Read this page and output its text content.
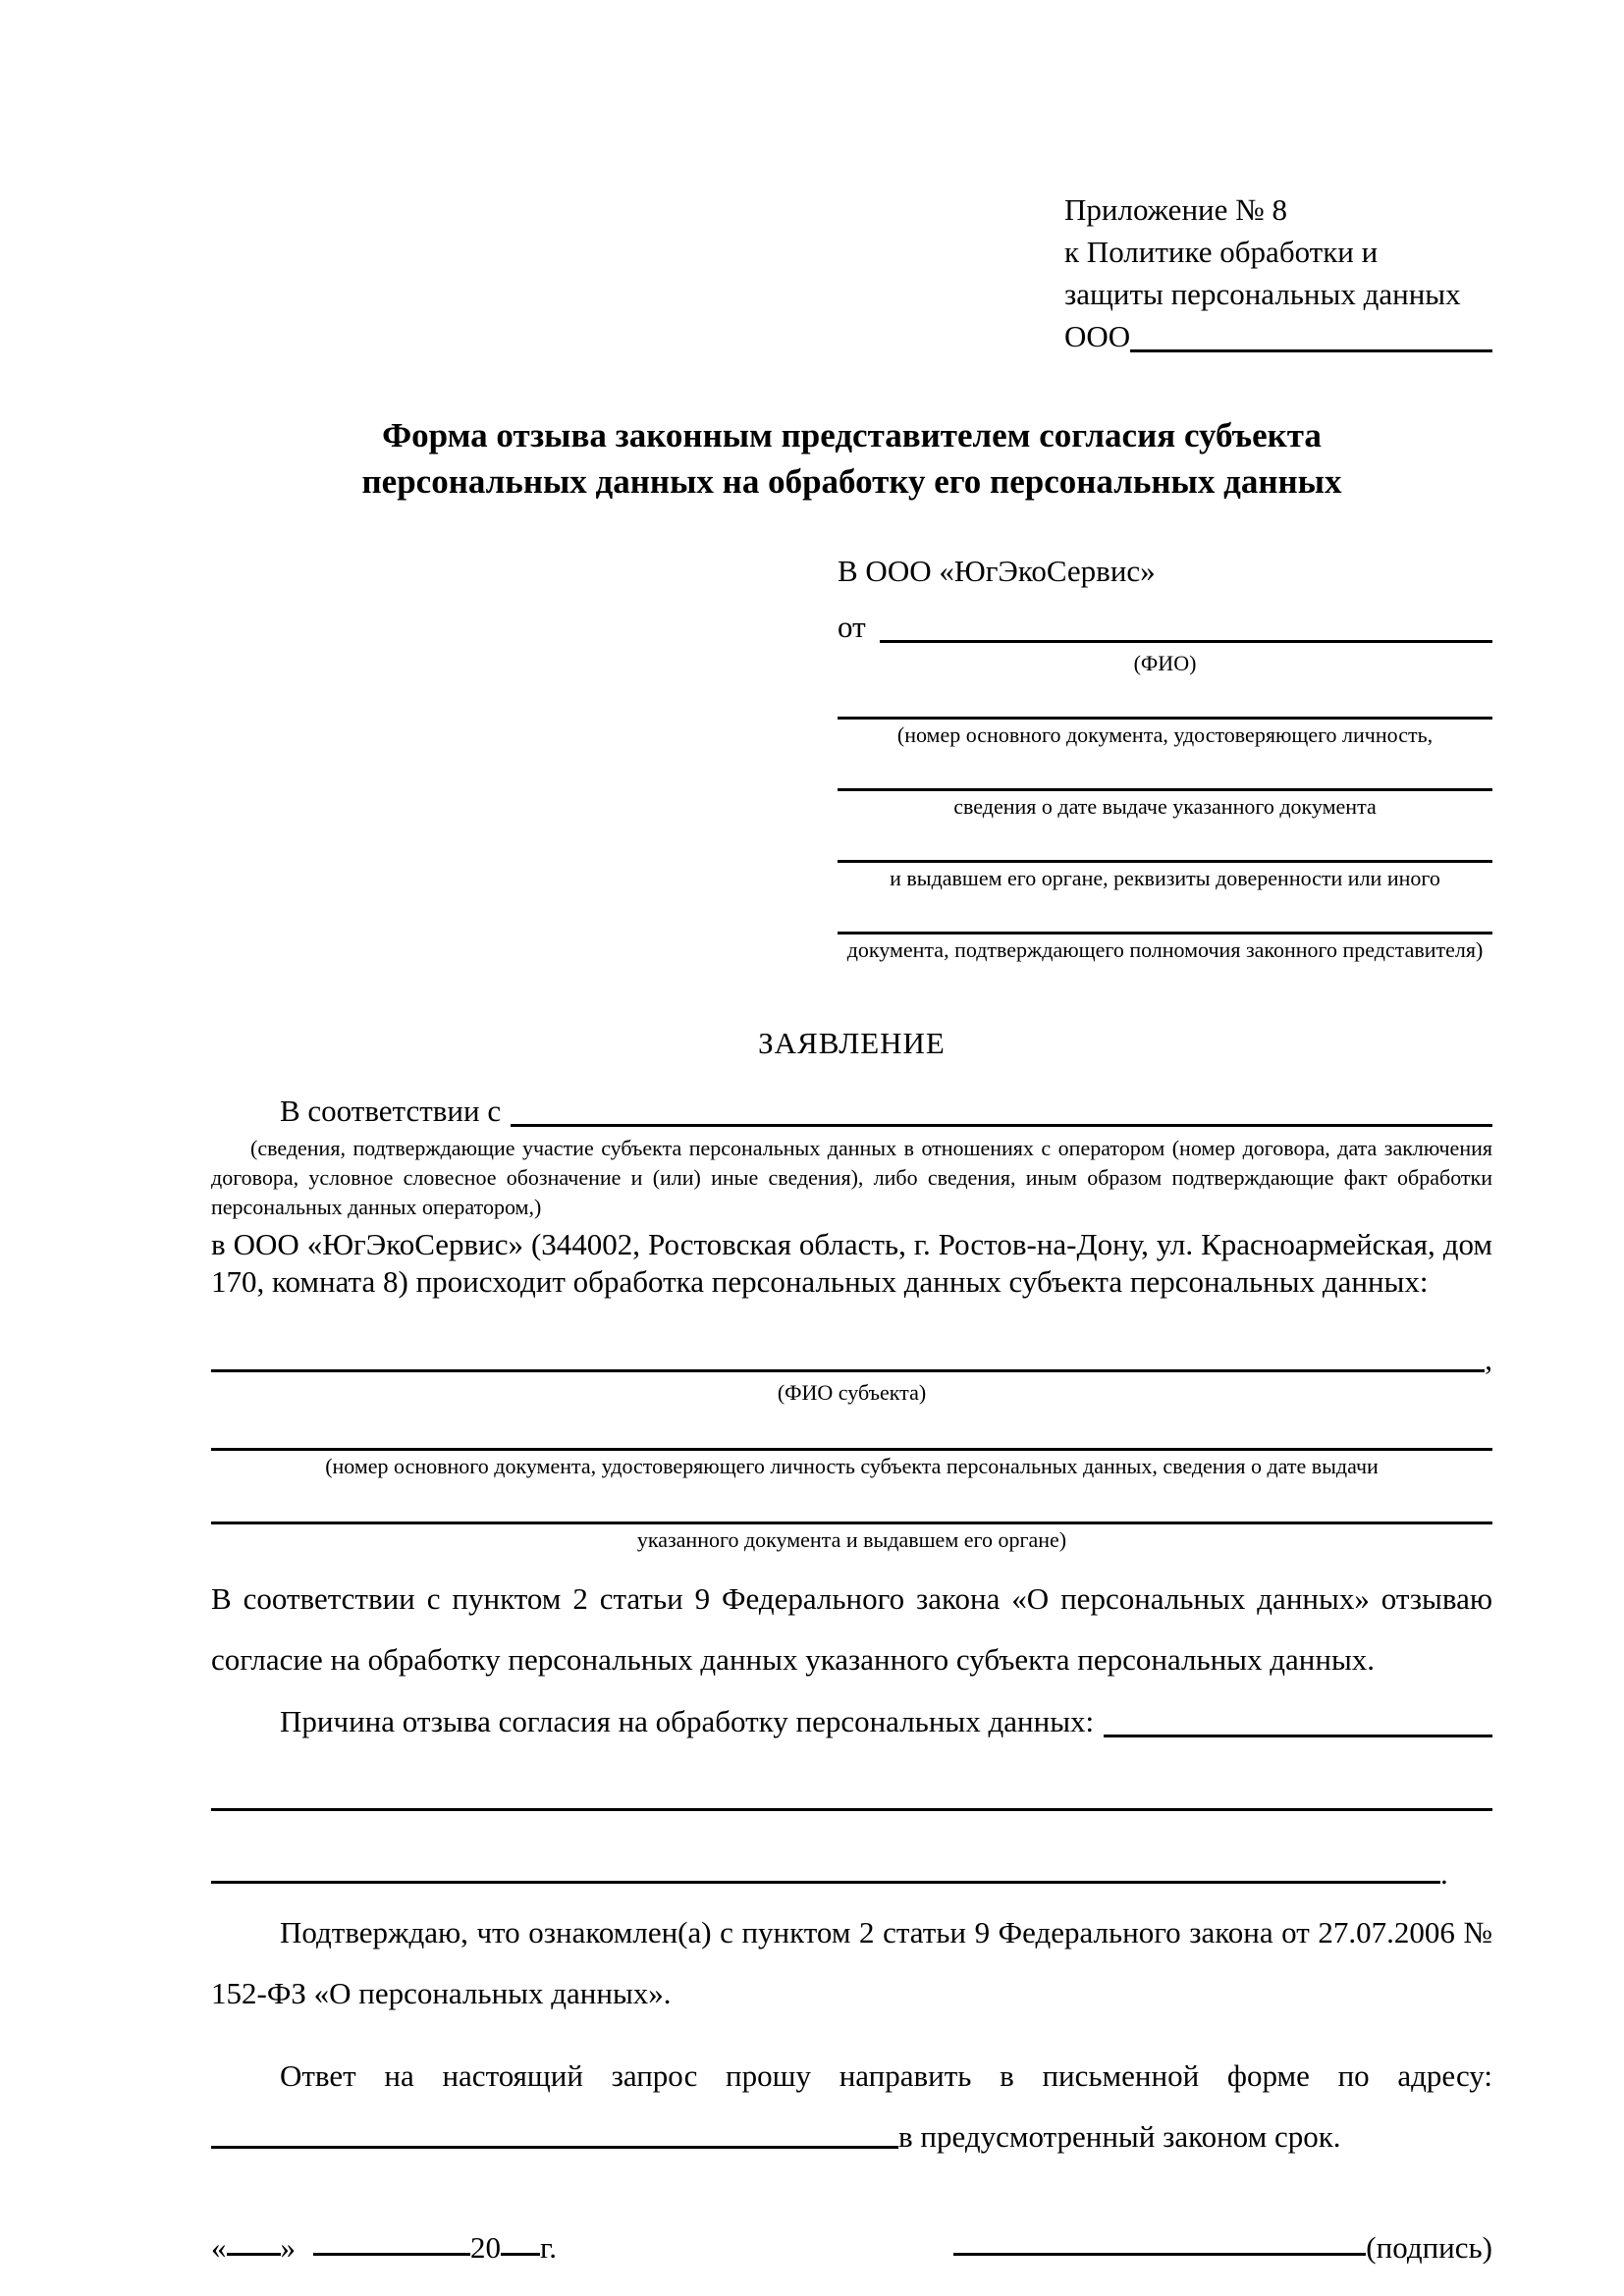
Приложение № 8
к Политике обработки и
защиты персональных данных
ООО
Форма отзыва законным представителем согласия субъекта
персональных данных на обработку его персональных данных
В ООО «ЮгЭкоСервис»
от
(ФИО)
(номер основного документа, удостоверяющего личность,
сведения о дате выдаче указанного документа
и выдавшем его органе, реквизиты доверенности или иного
документа, подтверждающего полномочия законного представителя)
ЗАЯВЛЕНИЕ
В соответствии с
(сведения, подтверждающие участие субъекта персональных данных в отношениях с оператором (номер договора, дата заключения договора, условное словесное обозначение и (или) иные сведения), либо сведения, иным образом подтверждающие факт обработки персональных данных оператором,)
в ООО «ЮгЭкоСервис» (344002, Ростовская область, г. Ростов-на-Дону, ул. Красноармейская, дом 170, комната 8) происходит обработка персональных данных субъекта персональных данных:
,
(ФИО субъекта)
(номер основного документа, удостоверяющего личность субъекта персональных данных, сведения о дате выдачи
указанного документа и выдавшем его органе)
В соответствии с пунктом 2 статьи 9 Федерального закона «О персональных данных» отзываю согласие на обработку персональных данных указанного субъекта персональных данных.
Причина отзыва согласия на обработку персональных данных:
.
Подтверждаю, что ознакомлен(а) с пунктом 2 статьи 9 Федерального закона от 27.07.2006 № 152-ФЗ «О персональных данных».
Ответ на настоящий запрос прошу направить в письменной форме по адресу: в предусмотренный законом срок.
« »	20 г.	(подпись)
